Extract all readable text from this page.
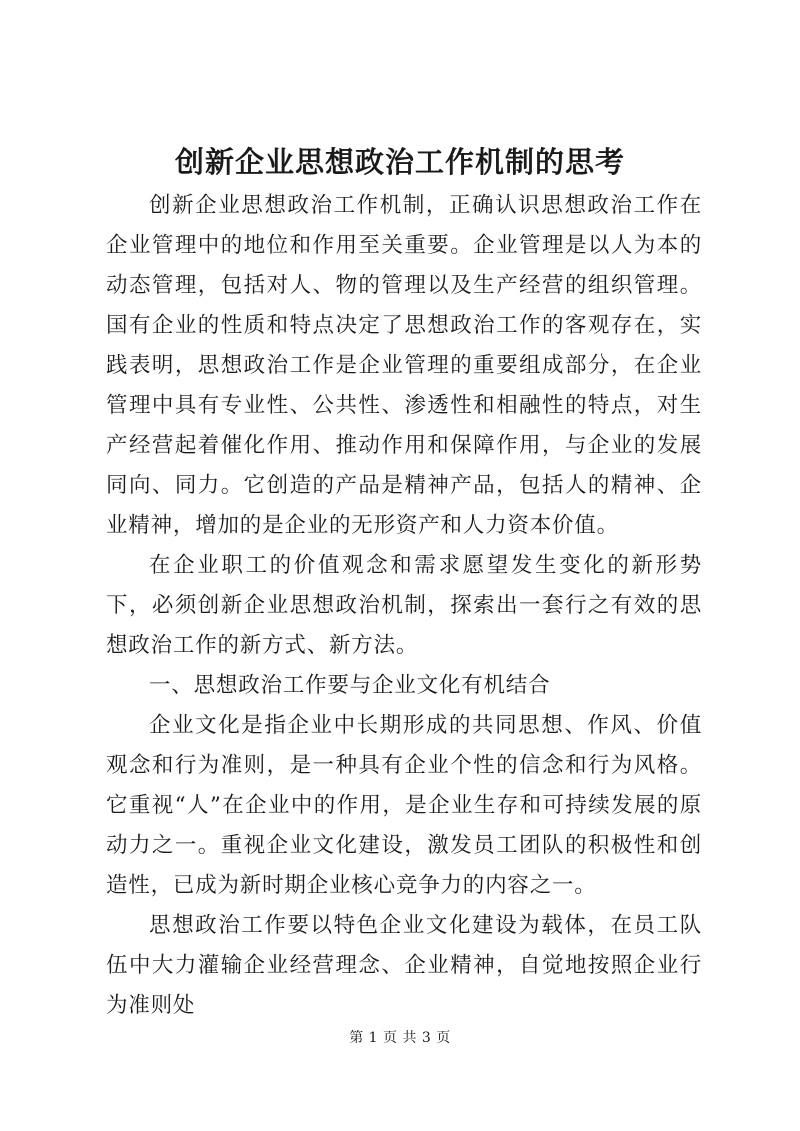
创新企业思想政治工作机制的思考

创新企业思想政治工作机制，正确认识思想政治工作在企业管理中的地位和作用至关重要。企业管理是以人为本的动态管理，包括对人、物的管理以及生产经营的组织管理。国有企业的性质和特点决定了思想政治工作的客观存在，实践表明，思想政治工作是企业管理的重要组成部分，在企业管理中具有专业性、公共性、渗透性和相融性的特点，对生产经营起着催化作用、推动作用和保障作用，与企业的发展同向、同力。它创造的产品是精神产品，包括人的精神、企业精神，增加的是企业的无形资产和人力资本价值。

在企业职工的价值观念和需求愿望发生变化的新形势下，必须创新企业思想政治机制，探索出一套行之有效的思想政治工作的新方式、新方法。

一、思想政治工作要与企业文化有机结合

企业文化是指企业中长期形成的共同思想、作风、价值观念和行为准则，是一种具有企业个性的信念和行为风格。它重视“人”在企业中的作用，是企业生存和可持续发展的原动力之一。重视企业文化建设，激发员工团队的积极性和创造性，已成为新时期企业核心竞争力的内容之一。

思想政治工作要以特色企业文化建设为载体，在员工队伍中大力灌输企业经营理念、企业精神，自觉地按照企业行为准则处

第 1 页 共 3 页
